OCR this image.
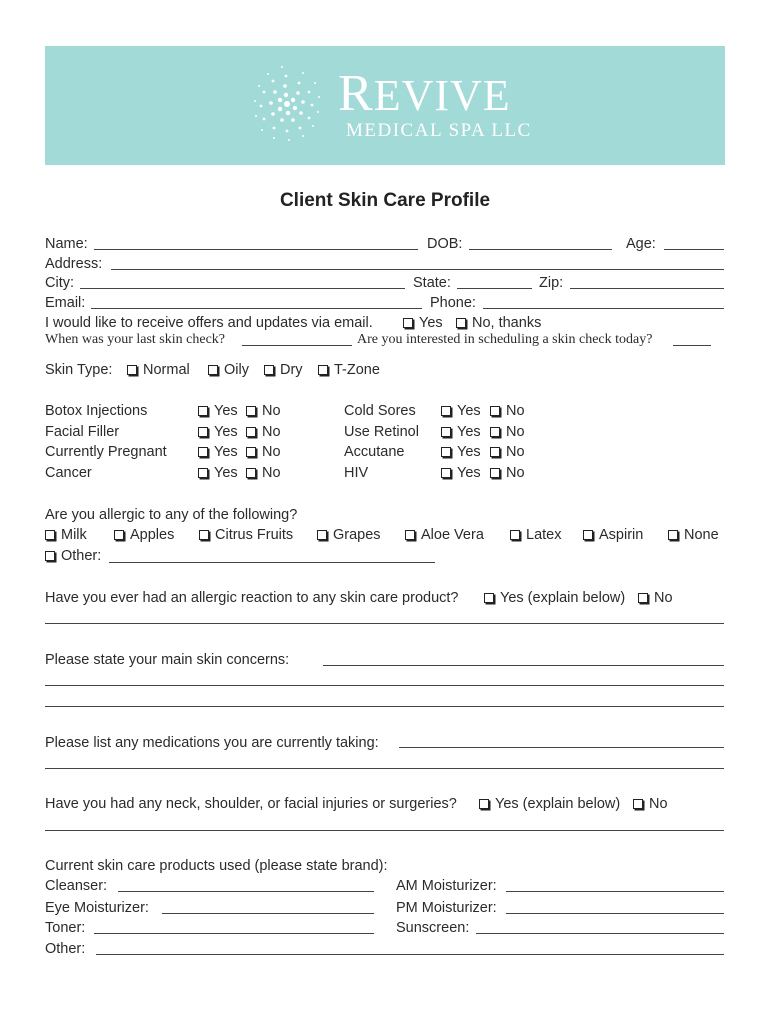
REVIVE
MEDICAL SPA LLC
Client Skin Care Profile
Name:	DOB:	Age:
Address:
City:	State:	Zip:
Email:	Phone:
I would like to receive offers and updates via email.	Yes	No, thanks
When was your last skin check?	Are you interested in scheduling a skin check today?
Skin Type:	Normal	Oily	Dry	T-Zone
Botox Injections	Yes	No	Cold Sores	Yes	No
Facial Filler	Yes	No	Use Retinol	Yes	No
Currently Pregnant	Yes	No	Accutane	Yes	No
Cancer	Yes	No	HIV	Yes	No
Are you allergic to any of the following?
Milk	Apples	Citrus Fruits	Grapes	Aloe Vera	Latex	Aspirin	None
Other:
Have you ever had an allergic reaction to any skin care product?	Yes (explain below)	No
Please state your main skin concerns:
Please list any medications you are currently taking:
Have you had any neck, shoulder, or facial injuries or surgeries?	Yes (explain below)	No
Current skin care products used (please state brand):
Cleanser:	AM Moisturizer:
Eye Moisturizer:	PM Moisturizer:
Toner:	Sunscreen:
Other:
